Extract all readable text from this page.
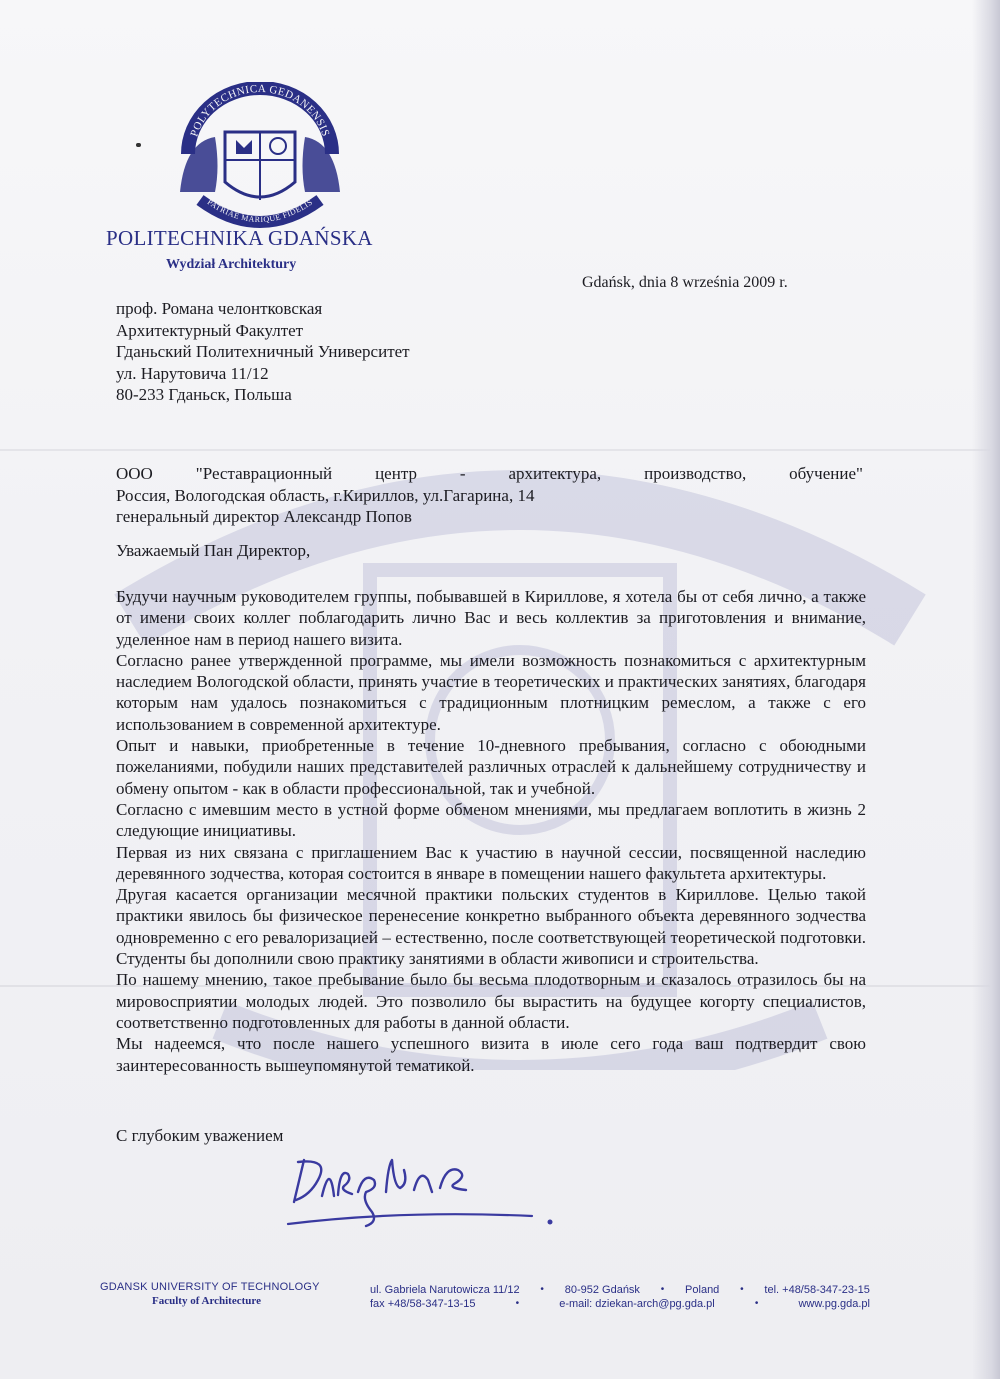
POLYTECHNICA GEDANENSIS
PATRIAE MARIQUE FIDELIS
POLITECHNIKA GDAŃSKA
Wydział Architektury
Gdańsk, dnia 8 września 2009 r.
проф. Романа челонтковская
Архитектурный Факултет
Гданьский Политехничный Университет
ул. Нарутовича 11/12
80-233 Гданьск, Польша
ООО	"Реставрационный	центр	-	архитектура,	производство,	обучение"
Россия, Вологодская область, г.Кириллов, ул.Гагарина, 14
генеральный директор Александр Попов
Уважаемый Пан Директор,

Будучи научным руководителем группы, побывавшей в Кириллове, я хотела бы от себя лично, а также от имени своих коллег поблагодарить лично Вас и весь коллектив за приготовления и внимание, уделенное нам в период нашего визита.

Согласно ранее утвержденной программе, мы имели возможность познакомиться с архитектурным наследием Вологодской области, принять участие в теоретических и практических занятиях, благодаря которым нам удалось познакомиться с традиционным плотницким ремеслом, а также с его использованием в современной архитектуре.

Опыт и навыки, приобретенные в течение 10-дневного пребывания, согласно с обоюдными пожеланиями, побудили наших представителей различных отраслей к дальнейшему сотрудничеству и обмену опытом - как в области профессиональной, так и учебной.

Согласно с имевшим место в устной форме обменом мнениями, мы предлагаем воплотить в жизнь 2 следующие инициативы.

Первая из них связана с приглашением Вас к участию в научной сессии, посвященной наследию деревянного зодчества, которая состоится в январе в помещении нашего факультета архитектуры.

Другая касается организации месячной практики польских студентов в Кириллове. Целью такой практики явилось бы физическое перенесение конкретно выбранного объекта деревянного зодчества одновременно с его ревалоризацией – естественно, после соответствующей теоретической подготовки. Студенты бы дополнили свою практику занятиями в области живописи и строительства.

По нашему мнению, такое пребывание было бы весьма плодотворным и сказалось отразилось бы на мировосприятии молодых людей. Это позволило бы вырастить на будущее когорту специалистов, соответственно подготовленных для работы в данной области.

Мы надеемся, что после нашего успешного визита в июле сего года ваш подтвердит свою заинтересованность вышеупомянутой тематикой.

С глубоким уважением
GDANSK UNIVERSITY OF TECHNOLOGY
Faculty of Architecture
ul. Gabriela Narutowicza 11/12 • 80-952 Gdańsk • Poland • tel. +48/58-347-23-15
fax +48/58-347-13-15	•	e-mail: dziekan-arch@pg.gda.pl	•	www.pg.gda.pl
